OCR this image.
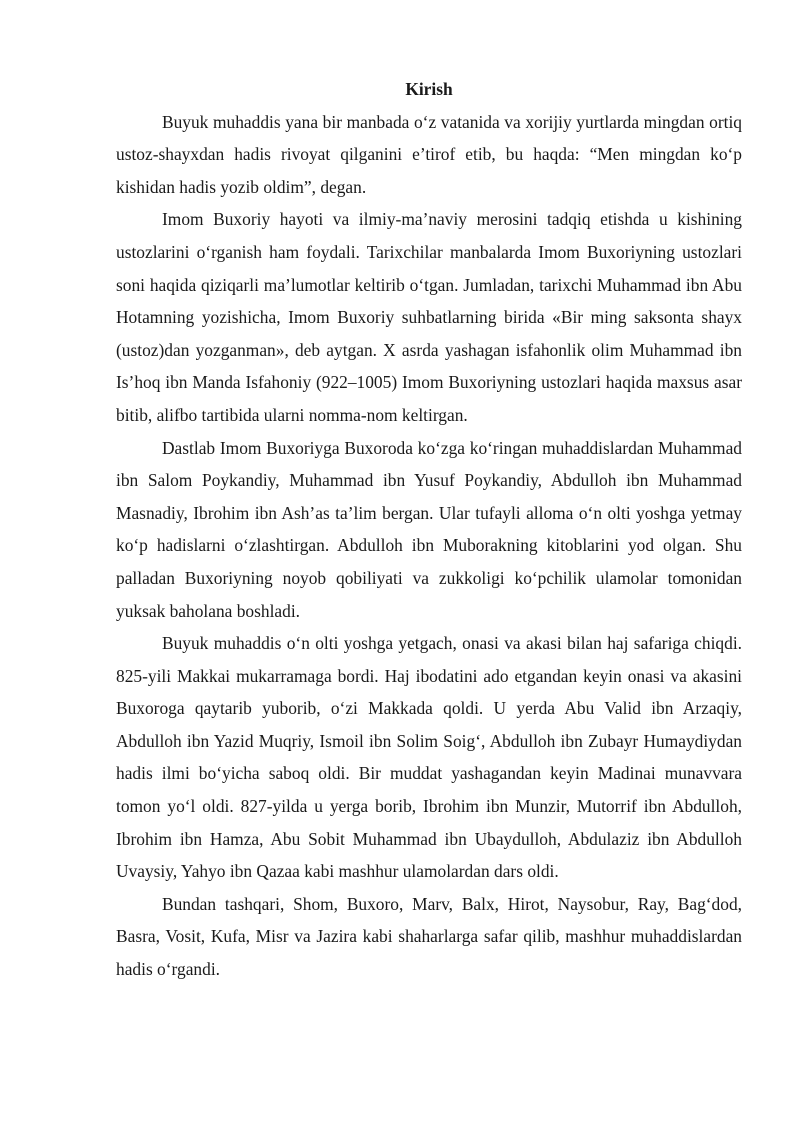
Kirish

Buyuk muhaddis yana bir manbada o‘z vatanida va xorijiy yurtlarda mingdan ortiq ustoz-shayxdan hadis rivoyat qilganini e’tirof etib, bu haqda: “Men mingdan ko‘p kishidan hadis yozib oldim”, degan.

Imom Buxoriy hayoti va ilmiy-ma’naviy merosini tadqiq etishda u kishining ustozlarini o‘rganish ham foydali. Tarixchilar manbalarda Imom Buxoriyning ustozlari soni haqida qiziqarli ma’lumotlar keltirib o‘tgan. Jumladan, tarixchi Muhammad ibn Abu Hotamning yozishicha, Imom Buxoriy suhbatlarning birida «Bir ming saksonta shayx (ustoz)dan yozganman», deb aytgan. X asrda yashagan isfahonlik olim Muhammad ibn Is’hoq ibn Manda Isfahoniy (922–1005) Imom Buxoriyning ustozlari haqida maxsus asar bitib, alifbo tartibida ularni nomma-nom keltirgan.

Dastlab Imom Buxoriyga Buxoroda ko‘zga ko‘ringan muhaddislardan Muhammad ibn Salom Poykandiy, Muhammad ibn Yusuf Poykandiy, Abdulloh ibn Muhammad Masnadiy, Ibrohim ibn Ash’as ta’lim bergan. Ular tufayli alloma o‘n olti yoshga yetmay ko‘p hadislarni o‘zlashtirgan. Abdulloh ibn Muborakning kitoblarini yod olgan. Shu palladan Buxoriyning noyob qobiliyati va zukkoligi ko‘pchilik ulamolar tomonidan yuksak baholana boshladi.

Buyuk muhaddis o‘n olti yoshga yetgach, onasi va akasi bilan haj safariga chiqdi. 825-yili Makkai mukarramaga bordi. Haj ibodatini ado etgandan keyin onasi va akasini Buxoroga qaytarib yuborib, o‘zi Makkada qoldi. U yerda Abu Valid ibn Arzaqiy, Abdulloh ibn Yazid Muqriy, Ismoil ibn Solim Soig‘, Abdulloh ibn Zubayr Humaydiydan hadis ilmi bo‘yicha saboq oldi. Bir muddat yashagandan keyin Madinai munavvara tomon yo‘l oldi. 827-yilda u yerga borib, Ibrohim ibn Munzir, Mutorrif ibn Abdulloh, Ibrohim ibn Hamza, Abu Sobit Muhammad ibn Ubaydulloh, Abdulaziz ibn Abdulloh Uvaysiy, Yahyo ibn Qazaa kabi mashhur ulamolardan dars oldi.

Bundan tashqari, Shom, Buxoro, Marv, Balx, Hirot, Naysobur, Ray, Bag‘dod, Basra, Vosit, Kufa, Misr va Jazira kabi shaharlarga safar qilib, mashhur muhaddislardan hadis o‘rgandi.
